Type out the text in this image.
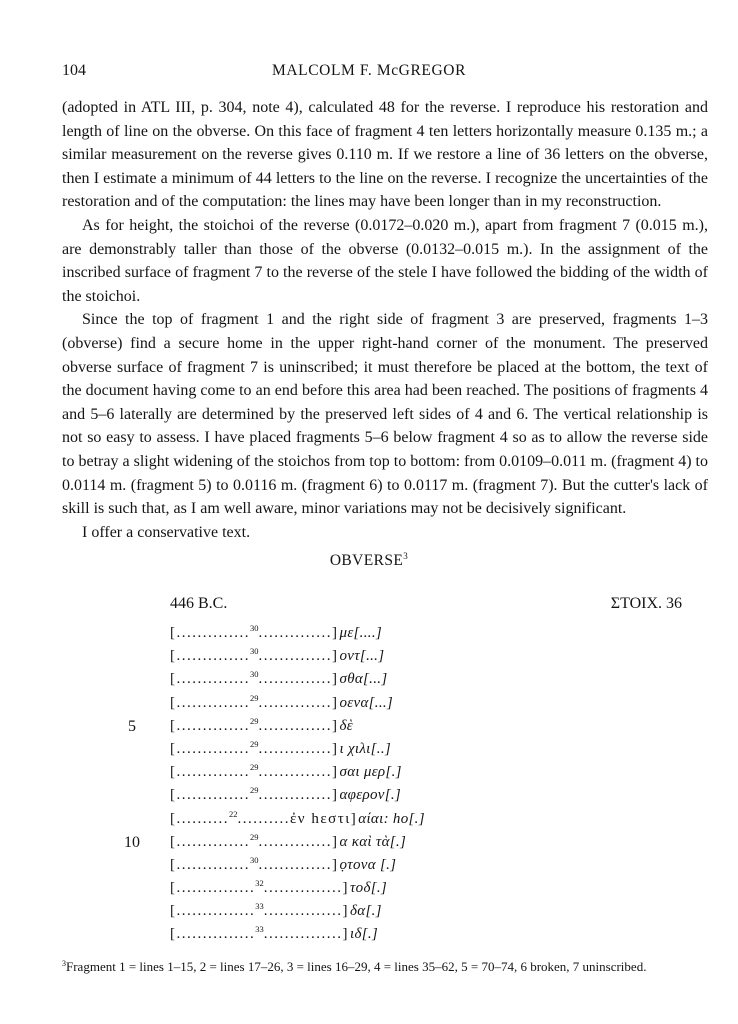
104	MALCOLM F. McGREGOR

(adopted in ATL III, p. 304, note 4), calculated 48 for the reverse. I reproduce his restoration and length of line on the obverse. On this face of fragment 4 ten letters horizontally measure 0.135 m.; a similar measurement on the reverse gives 0.110 m. If we restore a line of 36 letters on the obverse, then I estimate a minimum of 44 letters to the line on the reverse. I recognize the uncertainties of the restoration and of the computation: the lines may have been longer than in my reconstruction.

As for height, the stoichoi of the reverse (0.0172–0.020 m.), apart from fragment 7 (0.015 m.), are demonstrably taller than those of the obverse (0.0132–0.015 m.). In the assignment of the inscribed surface of fragment 7 to the reverse of the stele I have followed the bidding of the width of the stoichoi.

Since the top of fragment 1 and the right side of fragment 3 are preserved, fragments 1–3 (obverse) find a secure home in the upper right-hand corner of the monument. The preserved obverse surface of fragment 7 is uninscribed; it must therefore be placed at the bottom, the text of the document having come to an end before this area had been reached. The positions of fragments 4 and 5–6 laterally are determined by the preserved left sides of 4 and 6. The vertical relationship is not so easy to assess. I have placed fragments 5–6 below fragment 4 so as to allow the reverse side to betray a slight widening of the stoichos from top to bottom: from 0.0109–0.011 m. (fragment 4) to 0.0114 m. (fragment 5) to 0.0116 m. (fragment 6) to 0.0117 m. (fragment 7). But the cutter's lack of skill is such that, as I am well aware, minor variations may not be decisively significant.

I offer a conservative text.

OBVERSE$^3$
446 B.C.	ΣΤΟΙΧ. 36
[..............$^{30}$..............] με[....]
[..............$^{30}$..............] οντ[...]
[..............$^{30}$..............] σθα[...]
[..............$^{29}$..............] οενα[...]
5	[..............$^{29}$..............] δὲ
[..............$^{29}$..............] ι χιλι[..]
[..............$^{29}$..............] σαι μερ[.]
[..............$^{29}$..............] αφερον[.]
[..........$^{22}$..........ἐν hεστι] αίαι: hο[.]
10	[..............$^{29}$..............] α καὶ τὰ[.]
[..............$^{30}$..............] ọτονα [.]
[...............$^{32}$...............] τοδ[.]
[...............$^{33}$...............] δα[.]
[...............$^{33}$...............] ιδ[.]
$^3$Fragment 1 = lines 1–15, 2 = lines 17–26, 3 = lines 16–29, 4 = lines 35–62, 5 = 70–74, 6 broken, 7 uninscribed.
